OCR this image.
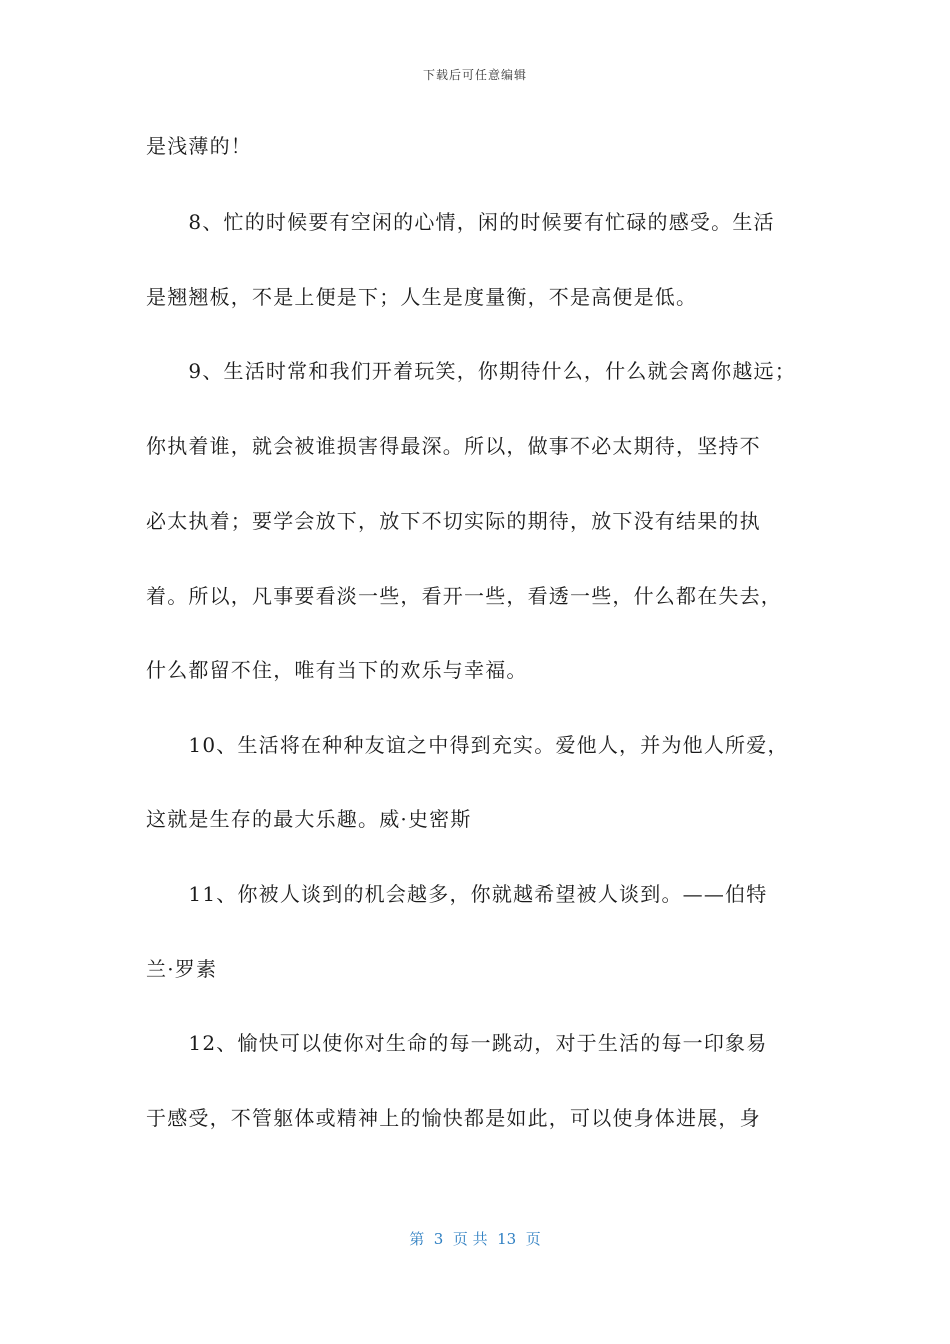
下载后可任意编辑
是浅薄的！
　　8、忙的时候要有空闲的心情，闲的时候要有忙碌的感受。生活
是翘翘板，不是上便是下；人生是度量衡，不是高便是低。
　　9、生活时常和我们开着玩笑，你期待什么，什么就会离你越远；
你执着谁，就会被谁损害得最深。所以，做事不必太期待，坚持不
必太执着；要学会放下，放下不切实际的期待，放下没有结果的执
着。所以，凡事要看淡一些，看开一些，看透一些，什么都在失去，
什么都留不住，唯有当下的欢乐与幸福。
　　10、生活将在种种友谊之中得到充实。爱他人，并为他人所爱，
这就是生存的最大乐趣。威·史密斯
　　11、你被人谈到的机会越多，你就越希望被人谈到。——伯特
兰·罗素
　　12、愉快可以使你对生命的每一跳动，对于生活的每一印象易
于感受，不管躯体或精神上的愉快都是如此，可以使身体进展，身
第  3  页 共  13  页
